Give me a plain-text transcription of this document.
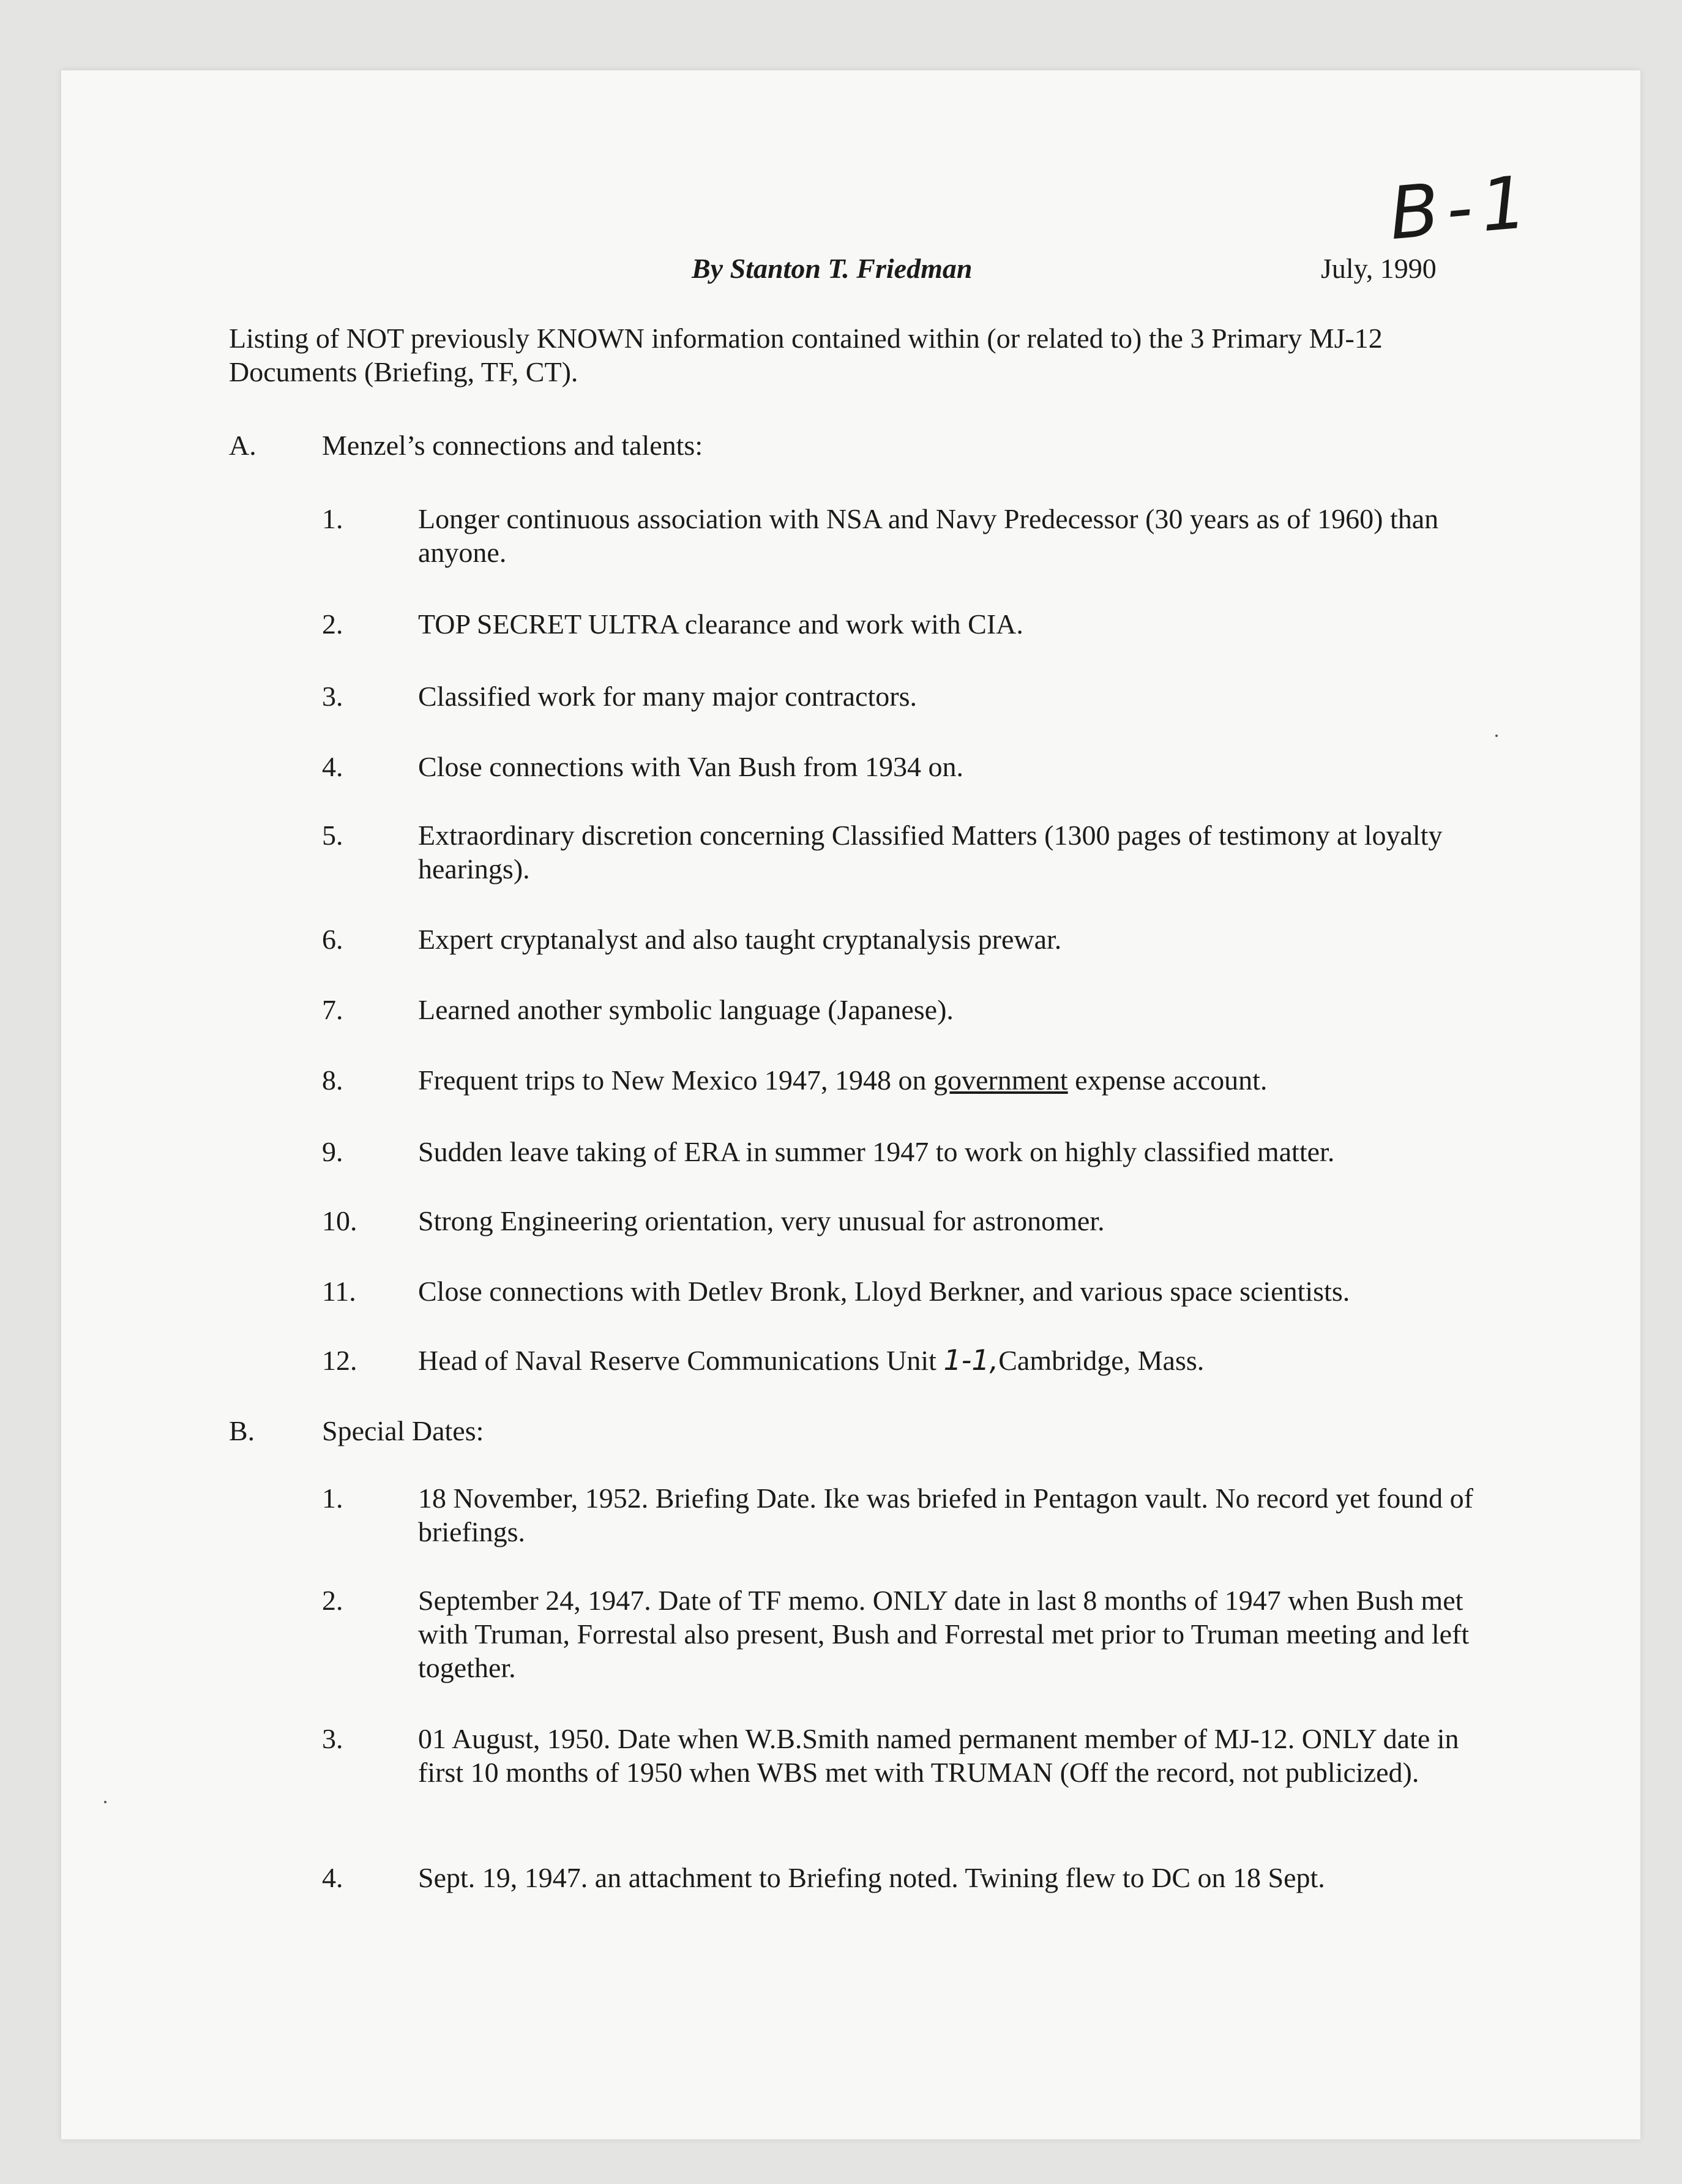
B-1
By Stanton T. Friedman	July, 1990
Listing of NOT previously KNOWN information contained within (or related to) the 3 Primary MJ-12 Documents (Briefing, TF, CT).
A. Menzel’s connections and talents:
1.	Longer continuous association with NSA and Navy Predecessor (30 years as of 1960) than anyone.
2.	TOP SECRET ULTRA clearance and work with CIA.
3.	Classified work for many major contractors.
4.	Close connections with Van Bush from 1934 on.
5.	Extraordinary discretion concerning Classified Matters (1300 pages of testimony at loyalty hearings).
6.	Expert cryptanalyst and also taught cryptanalysis prewar.
7.	Learned another symbolic language (Japanese).
8.	Frequent trips to New Mexico 1947, 1948 on government expense account.
9.	Sudden leave taking of ERA in summer 1947 to work on highly classified matter.
10. Strong Engineering orientation, very unusual for astronomer.
11. Close connections with Detlev Bronk, Lloyd Berkner, and various space scientists.
12. Head of Naval Reserve Communications Unit 1-1,Cambridge, Mass.
B. Special Dates:
1.	18 November, 1952. Briefing Date. Ike was briefed in Pentagon vault. No record yet found of briefings.
2.	September 24, 1947. Date of TF memo. ONLY date in last 8 months of 1947 when Bush met with Truman, Forrestal also present, Bush and Forrestal met prior to Truman meeting and left together.
3.	01 August, 1950. Date when W.B.Smith named permanent member of MJ-12. ONLY date in first 10 months of 1950 when WBS met with TRUMAN (Off the record, not publicized).
4.	Sept. 19, 1947. an attachment to Briefing noted. Twining flew to DC on 18 Sept.
